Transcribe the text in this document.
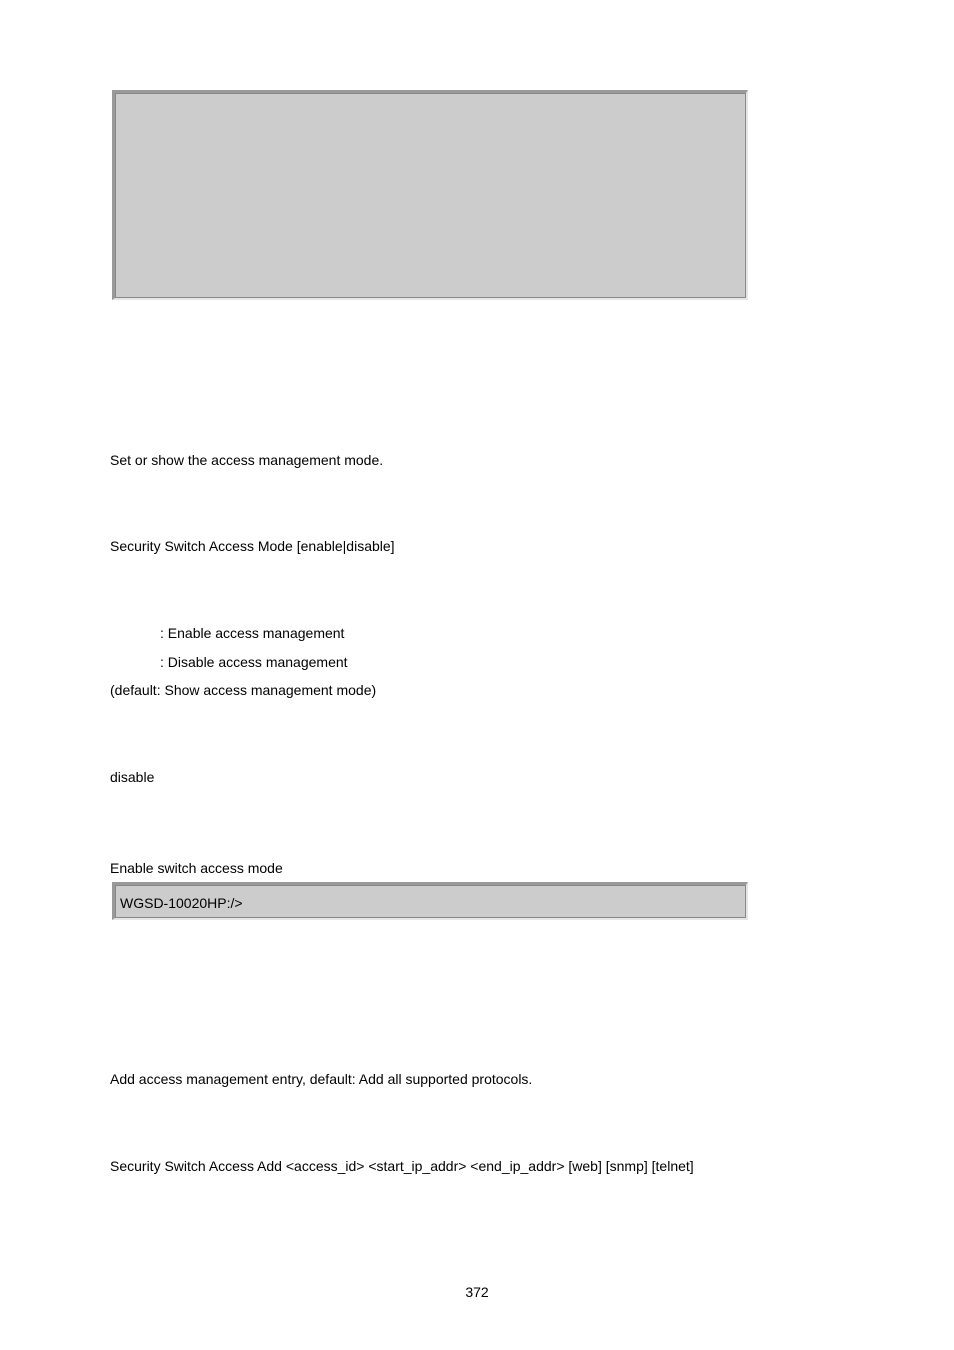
Set or show the access management mode.
Security Switch Access Mode [enable|disable]
: Enable access management
: Disable access management
(default: Show access management mode)
disable
Enable switch access mode
WGSD-10020HP:/>
Add access management entry, default: Add all supported protocols.
Security Switch Access Add <access_id> <start_ip_addr> <end_ip_addr> [web] [snmp] [telnet]
372
